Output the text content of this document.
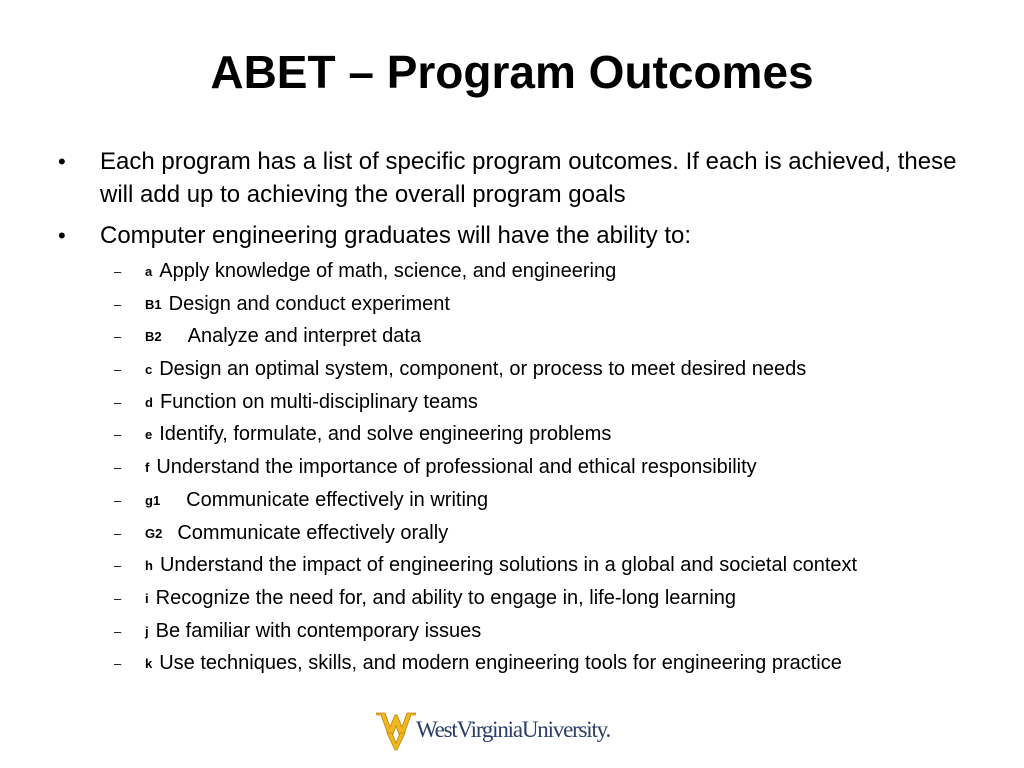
ABET – Program Outcomes
•	Each program has a list of specific program outcomes. If each is achieved, these will add up to achieving the overall program goals
•	Computer engineering graduates will have the ability to:
– a Apply knowledge of math, science, and engineering
– B1 Design and conduct experiment
– B2 Analyze and interpret data
– c Design an optimal system, component, or process to meet desired needs
– d Function on multi-disciplinary teams
– e Identify, formulate, and solve engineering problems
– f Understand the importance of professional and ethical responsibility
– g1 Communicate effectively in writing
– G2 Communicate effectively orally
– h Understand the impact of engineering solutions in a global and societal context
– i Recognize the need for, and ability to engage in, life-long learning
– j Be familiar with contemporary issues
– k Use techniques, skills, and modern engineering tools for engineering practice
WestVirginiaUniversity.
